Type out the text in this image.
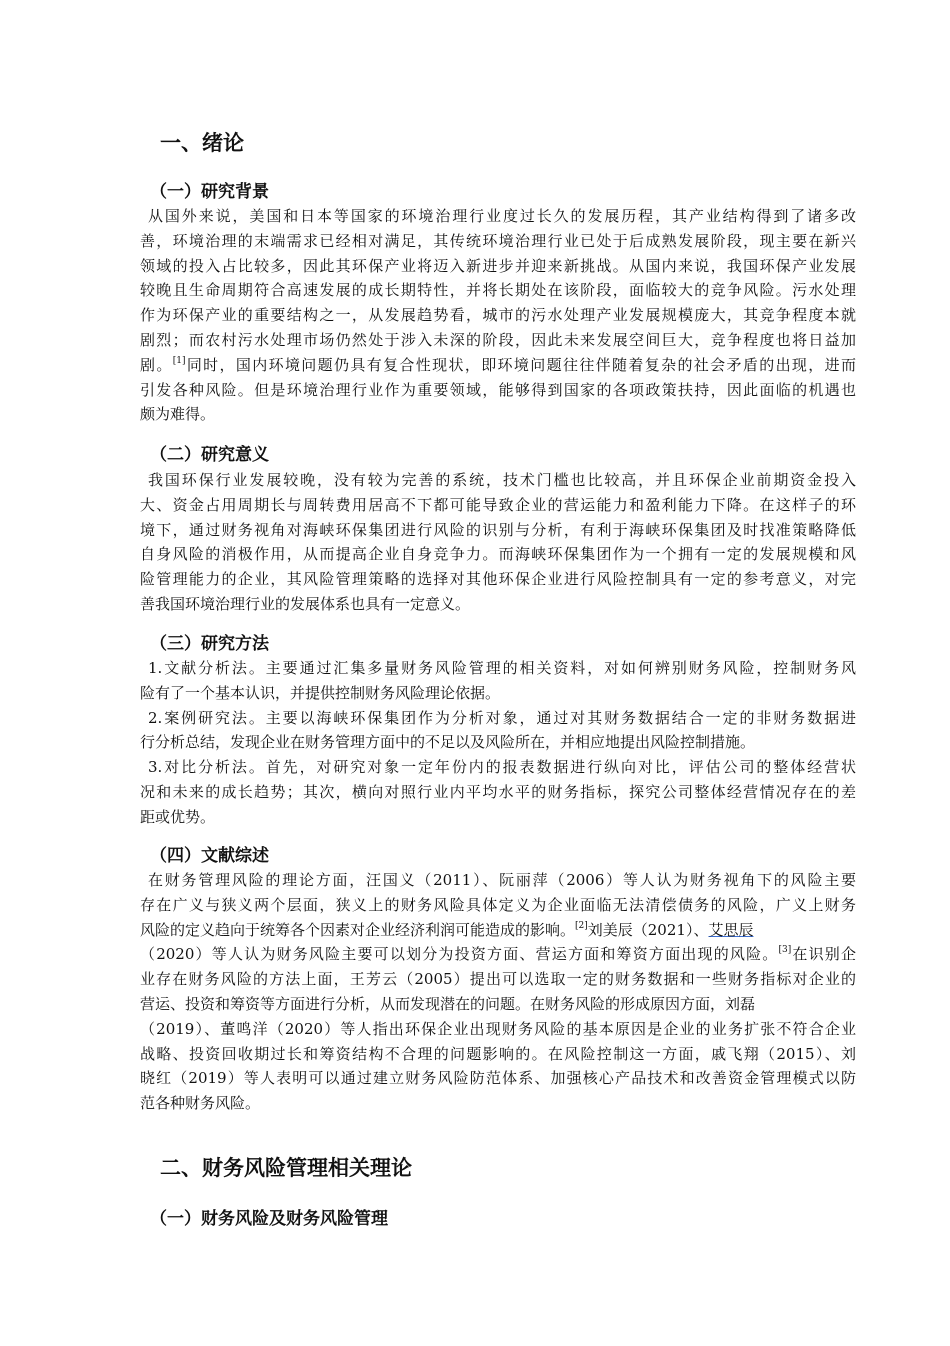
一、绪论
（一）研究背景
从国外来说，美国和日本等国家的环境治理行业度过长久的发展历程，其产业结构得到了诸多改
善，环境治理的末端需求已经相对满足，其传统环境治理行业已处于后成熟发展阶段，现主要在新兴
领域的投入占比较多，因此其环保产业将迈入新进步并迎来新挑战。从国内来说，我国环保产业发展
较晚且生命周期符合高速发展的成长期特性，并将长期处在该阶段，面临较大的竞争风险。污水处理
作为环保产业的重要结构之一，从发展趋势看，城市的污水处理产业发展规模庞大，其竞争程度本就
剧烈；而农村污水处理市场仍然处于涉入未深的阶段，因此未来发展空间巨大，竞争程度也将日益加
剧。[1]同时，国内环境问题仍具有复合性现状，即环境问题往往伴随着复杂的社会矛盾的出现，进而
引发各种风险。但是环境治理行业作为重要领域，能够得到国家的各项政策扶持，因此面临的机遇也
颇为难得。
（二）研究意义
我国环保行业发展较晚，没有较为完善的系统，技术门槛也比较高，并且环保企业前期资金投入
大、资金占用周期长与周转费用居高不下都可能导致企业的营运能力和盈利能力下降。在这样子的环
境下，通过财务视角对海峡环保集团进行风险的识别与分析，有利于海峡环保集团及时找准策略降低
自身风险的消极作用，从而提高企业自身竞争力。而海峡环保集团作为一个拥有一定的发展规模和风
险管理能力的企业，其风险管理策略的选择对其他环保企业进行风险控制具有一定的参考意义，对完
善我国环境治理行业的发展体系也具有一定意义。
（三）研究方法
1.文献分析法。主要通过汇集多量财务风险管理的相关资料，对如何辨别财务风险，控制财务风
险有了一个基本认识，并提供控制财务风险理论依据。
2.案例研究法。主要以海峡环保集团作为分析对象，通过对其财务数据结合一定的非财务数据进
行分析总结，发现企业在财务管理方面中的不足以及风险所在，并相应地提出风险控制措施。
3.对比分析法。首先，对研究对象一定年份内的报表数据进行纵向对比，评估公司的整体经营状
况和未来的成长趋势；其次，横向对照行业内平均水平的财务指标，探究公司整体经营情况存在的差
距或优势。
（四）文献综述
在财务管理风险的理论方面，汪国义（2011）、阮丽萍（2006）等人认为财务视角下的风险主要
存在广义与狭义两个层面，狭义上的财务风险具体定义为企业面临无法清偿债务的风险，广义上财务
风险的定义趋向于统筹各个因素对企业经济利润可能造成的影响。[2]刘美辰（2021）、艾思辰
（2020）等人认为财务风险主要可以划分为投资方面、营运方面和筹资方面出现的风险。[3]在识别企
业存在财务风险的方法上面，王芳云（2005）提出可以选取一定的财务数据和一些财务指标对企业的
营运、投资和筹资等方面进行分析，从而发现潜在的问题。在财务风险的形成原因方面，刘磊
（2019）、董鸣洋（2020）等人指出环保企业出现财务风险的基本原因是企业的业务扩张不符合企业
战略、投资回收期过长和筹资结构不合理的问题影响的。在风险控制这一方面，戚飞翔（2015）、刘
晓红（2019）等人表明可以通过建立财务风险防范体系、加强核心产品技术和改善资金管理模式以防
范各种财务风险。
二、财务风险管理相关理论
（一）财务风险及财务风险管理
